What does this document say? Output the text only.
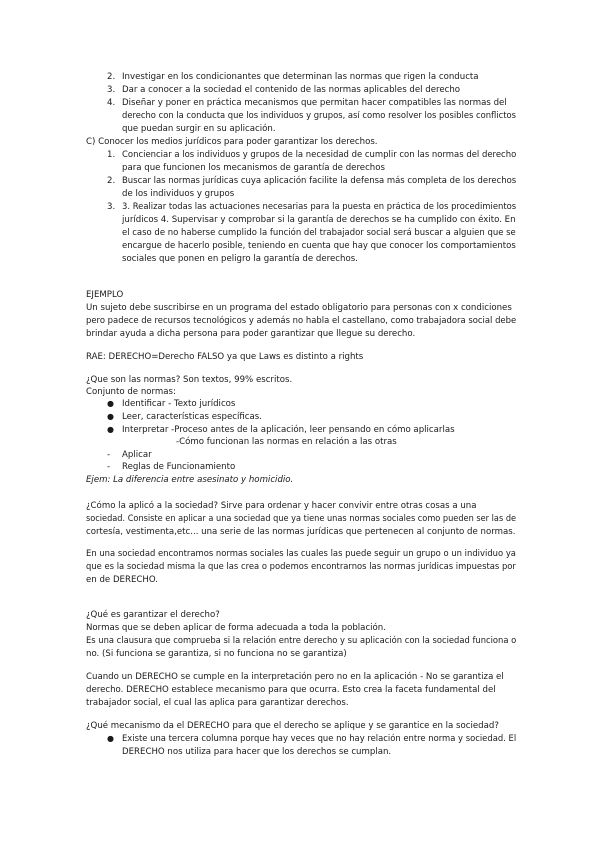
2. Investigar en los condicionantes que determinan las normas que rigen la conducta
3. Dar a conocer a la sociedad el contenido de las normas aplicables del derecho
4. Diseñar y poner en práctica mecanismos que permitan hacer compatibles las normas del
derecho con la conducta que los individuos y grupos, así como resolver los posibles conflictos
que puedan surgir en su aplicación.
C) Conocer los medios jurídicos para poder garantizar los derechos.
1. Concienciar a los individuos y grupos de la necesidad de cumplir con las normas del derecho
para que funcionen los mecanismos de garantía de derechos
2. Buscar las normas jurídicas cuya aplicación facilite la defensa más completa de los derechos
de los individuos y grupos
3. 3. Realizar todas las actuaciones necesarias para la puesta en práctica de los procedimientos
jurídicos 4. Supervisar y comprobar si la garantía de derechos se ha cumplido con éxito. En
el caso de no haberse cumplido la función del trabajador social será buscar a alguien que se
encargue de hacerlo posible, teniendo en cuenta que hay que conocer los comportamientos
sociales que ponen en peligro la garantía de derechos.
EJEMPLO
Un sujeto debe suscribirse en un programa del estado obligatorio para personas con x condiciones
pero padece de recursos tecnológicos y además no habla el castellano, como trabajadora social debe
brindar ayuda a dicha persona para poder garantizar que llegue su derecho.
RAE: DERECHO=Derecho FALSO ya que Laws es distinto a rights
¿Que son las normas? Son textos, 99% escritos.
Conjunto de normas:
● Identificar - Texto jurídicos
● Leer, características específicas.
● Interpretar -Proceso antes de la aplicación, leer pensando en cómo aplicarlas
-Cómo funcionan las normas en relación a las otras
- Aplicar
- Reglas de Funcionamiento
Ejem: La diferencia entre asesinato y homicidio.
¿Cómo la aplicó a la sociedad? Sirve para ordenar y hacer convivir entre otras cosas a una
sociedad. Consiste en aplicar a una sociedad que ya tiene unas normas sociales como pueden ser las de
cortesía, vestimenta,etc... una serie de las normas jurídicas que pertenecen al conjunto de normas.
En una sociedad encontramos normas sociales las cuales las puede seguir un grupo o un individuo ya
que es la sociedad misma la que las crea o podemos encontrarnos las normas jurídicas impuestas por
en de DERECHO.
¿Qué es garantizar el derecho?
Normas que se deben aplicar de forma adecuada a toda la población.
Es una clausura que comprueba si la relación entre derecho y su aplicación con la sociedad funciona o
no. (Si funciona se garantiza, si no funciona no se garantiza)
Cuando un DERECHO se cumple en la interpretación pero no en la aplicación - No se garantiza el
derecho. DERECHO establece mecanismo para que ocurra. Esto crea la faceta fundamental del
trabajador social, el cual las aplica para garantizar derechos.
¿Qué mecanismo da el DERECHO para que el derecho se aplique y se garantice en la sociedad?
● Existe una tercera columna porque hay veces que no hay relación entre norma y sociedad. El
DERECHO nos utiliza para hacer que los derechos se cumplan.
